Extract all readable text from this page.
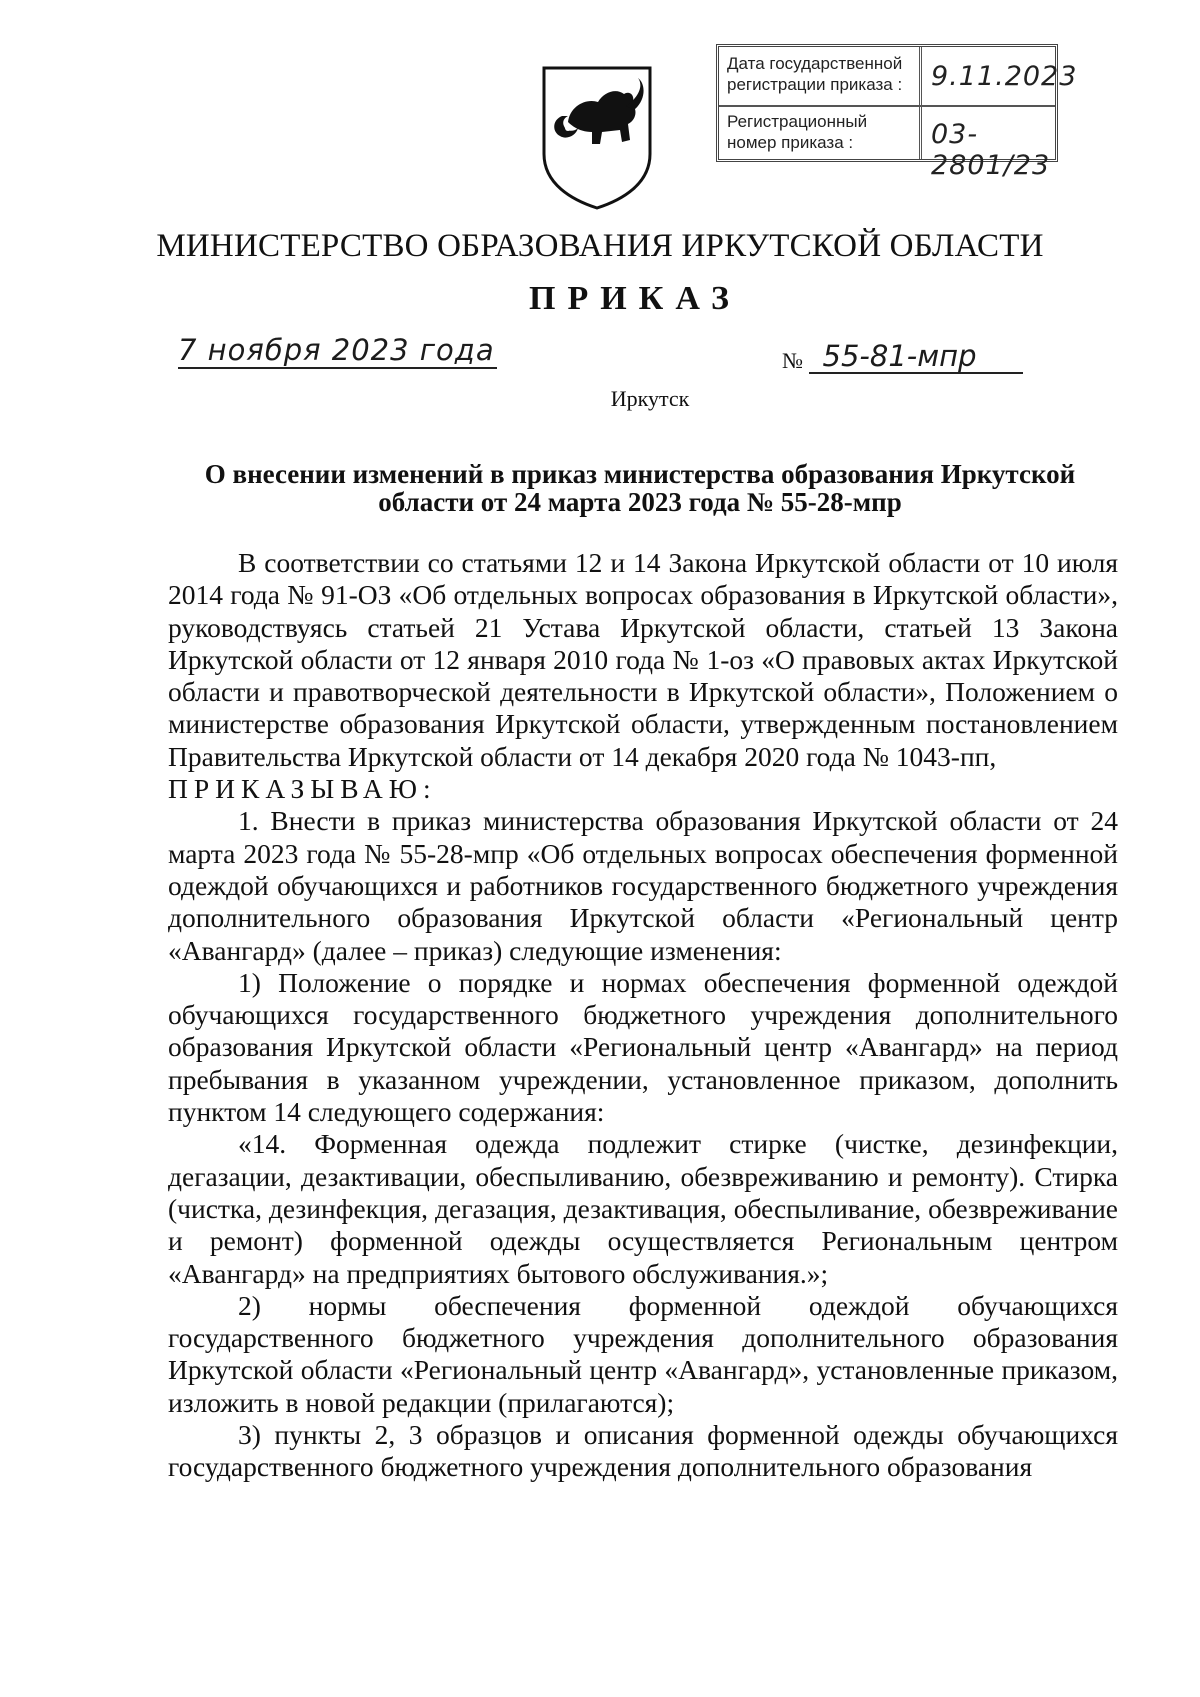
Дата государственной регистрации приказа :	9.11.2023
Регистрационный номер приказа :	03-2801/23
МИНИСТЕРСТВО ОБРАЗОВАНИЯ ИРКУТСКОЙ ОБЛАСТИ
ПРИКАЗ
7 ноября 2023 года	№ 55-81-мпр
Иркутск
О внесении изменений в приказ министерства образования Иркутской области от 24 марта 2023 года № 55-28-мпр

В соответствии со статьями 12 и 14 Закона Иркутской области от 10 июля 2014 года № 91-ОЗ «Об отдельных вопросах образования в Иркутской области», руководствуясь статьей 21 Устава Иркутской области, статьей 13 Закона Иркутской области от 12 января 2010 года № 1-оз «О правовых актах Иркутской области и правотворческой деятельности в Иркутской области», Положением о министерстве образования Иркутской области, утвержденным постановлением Правительства Иркутской области от 14 декабря 2020 года № 1043-пп,

ПРИКАЗЫВАЮ:

1. Внести в приказ министерства образования Иркутской области от 24 марта 2023 года № 55-28-мпр «Об отдельных вопросах обеспечения форменной одеждой обучающихся и работников государственного бюджетного учреждения дополнительного образования Иркутской области «Региональный центр «Авангард» (далее – приказ) следующие изменения:

1) Положение о порядке и нормах обеспечения форменной одеждой обучающихся государственного бюджетного учреждения дополнительного образования Иркутской области «Региональный центр «Авангард» на период пребывания в указанном учреждении, установленное приказом, дополнить пунктом 14 следующего содержания:

«14. Форменная одежда подлежит стирке (чистке, дезинфекции, дегазации, дезактивации, обеспыливанию, обезвреживанию и ремонту). Стирка (чистка, дезинфекция, дегазация, дезактивация, обеспыливание, обезвреживание и ремонт) форменной одежды осуществляется Региональным центром «Авангард» на предприятиях бытового обслуживания.»;

2) нормы обеспечения форменной одеждой обучающихся государственного бюджетного учреждения дополнительного образования Иркутской области «Региональный центр «Авангард», установленные приказом, изложить в новой редакции (прилагаются);

3) пункты 2, 3 образцов и описания форменной одежды обучающихся государственного бюджетного учреждения дополнительного образования
